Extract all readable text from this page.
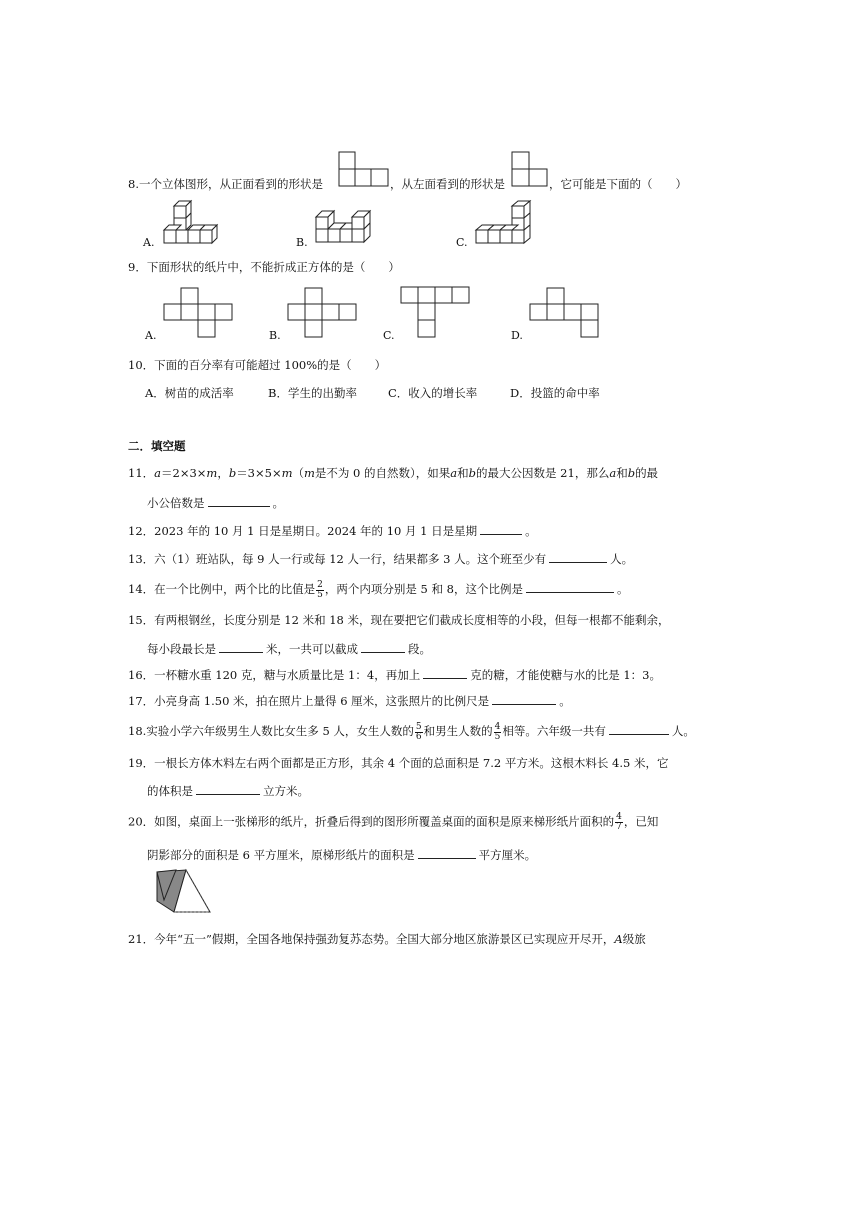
8.一个立体图形，从正面看到的形状是	，从左面看到的形状是	，它可能是下面的（　　）
A.	B.	C.
9．下面形状的纸片中，不能折成正方体的是（　　）
A.	B.	C.	D.
10．下面的百分率有可能超过 100%的是（　　）
A．树苗的成活率	B．学生的出勤率	C．收入的增长率	D．投篮的命中率
二．填空题
11．a＝2×3×m，b＝3×5×m（m是不为 0 的自然数），如果a和b的最大公因数是 21，那么a和b的最
小公倍数是	。
12．2023 年的 10 月 1 日是星期日。2024 年的 10 月 1 日是星期	。
13．六（1）班站队，每 9 人一行或每 12 人一行，结果都多 3 人。这个班至少有	人。
14．在一个比例中，两个比的比值是 $\frac{2}{5}$ ，两个内项分别是 5 和 8，这个比例是	。
15．有两根钢丝，长度分别是 12 米和 18 米，现在要把它们截成长度相等的小段，但每一根都不能剩余，
每小段最长是	米，一共可以截成	段。
16．一杯糖水重 120 克，糖与水质量比是 1：4，再加上	克的糖，才能使糖与水的比是 1：3。
17．小亮身高 1.50 米，拍在照片上量得 6 厘米，这张照片的比例尺是	。
18.实验小学六年级男生人数比女生多 5 人，女生人数的 $\frac{5}{6}$ 和男生人数的 $\frac{4}{5}$ 相等。六年级一共有	人。
19．一根长方体木料左右两个面都是正方形，其余 4 个面的总面积是 7.2 平方米。这根木料长 4.5 米，它
的体积是	立方米。
20．如图，桌面上一张梯形的纸片，折叠后得到的图形所覆盖桌面的面积是原来梯形纸片面积的 $\frac{4}{7}$ ，已知
阴影部分的面积是 6 平方厘米，原梯形纸片的面积是	平方厘米。
21．今年“五一”假期，全国各地保持强劲复苏态势。全国大部分地区旅游景区已实现应开尽开，A级旅
